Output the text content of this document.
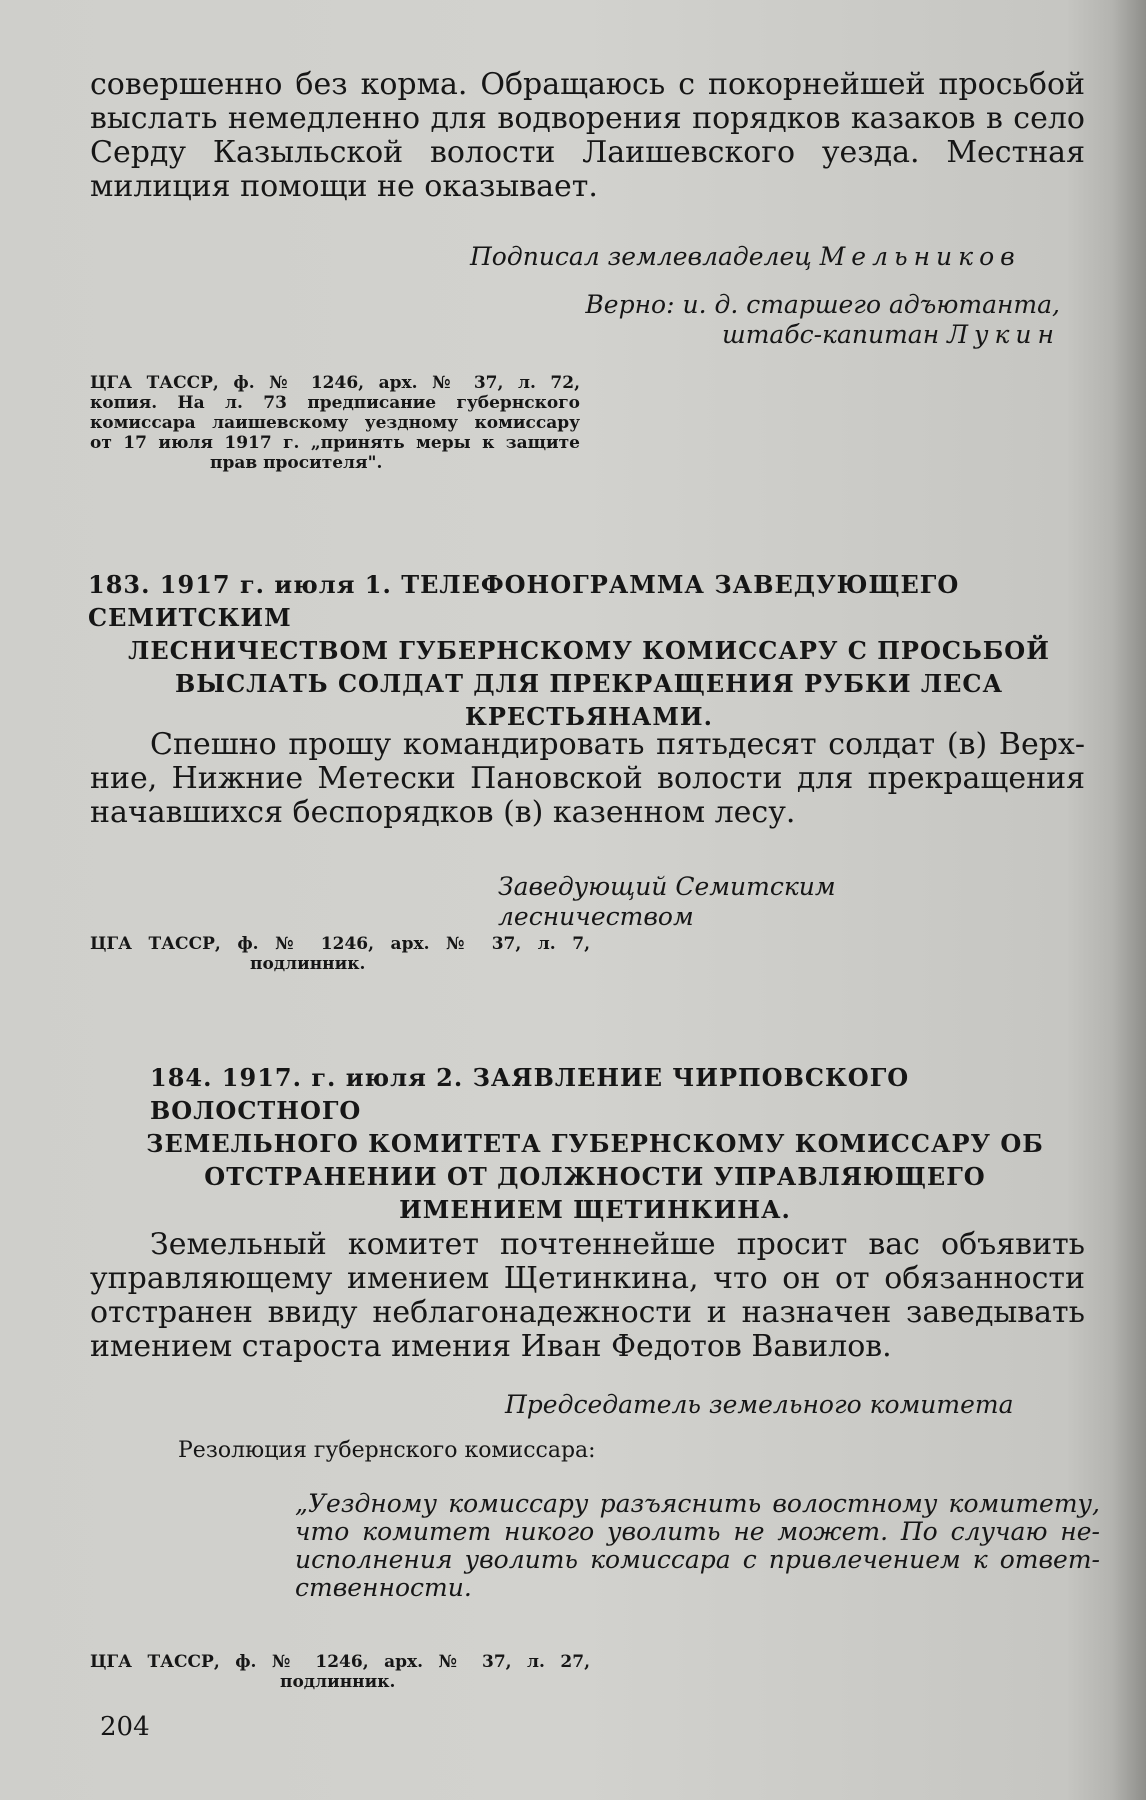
совершенно без корма. Обращаюсь с покорнейшей просьбой
выслать немедленно для водворения порядков казаков в село
Серду Казыльской волости Лаишевского уезда. Местная
милиция помощи не оказывает.
Подписал землевладелец Мельников
Верно: и. д. старшего адъютанта,
штабс-капитан Лукин
ЦГА ТАССР, ф. № 1246, арх. № 37, л. 72,
копия. На л. 73 предписание губернского
комиссара лаишевскому уездному комиссару
от 17 июля 1917 г. „принять меры к защите
прав просителя".
183. 1917 г. июля 1. ТЕЛЕФОНОГРАММА ЗАВЕДУЮЩЕГО СЕМИТСКИМ
ЛЕСНИЧЕСТВОМ ГУБЕРНСКОМУ КОМИССАРУ С ПРОСЬБОЙ
ВЫСЛАТЬ СОЛДАТ ДЛЯ ПРЕКРАЩЕНИЯ РУБКИ ЛЕСА
КРЕСТЬЯНАМИ.
Спешно прошу командировать пятьдесят солдат (в) Верх-
ние, Нижние Метески Пановской волости для прекращения
начавшихся беспорядков (в) казенном лесу.
Заведующий Семитским лесничеством
ЦГА ТАССР, ф. № 1246, арх. № 37, л. 7,
подлинник.
184. 1917. г. июля 2. ЗАЯВЛЕНИЕ ЧИРПОВСКОГО ВОЛОСТНОГО
ЗЕМЕЛЬНОГО КОМИТЕТА ГУБЕРНСКОМУ КОМИССАРУ ОБ
ОТСТРАНЕНИИ ОТ ДОЛЖНОСТИ УПРАВЛЯЮЩЕГО
ИМЕНИЕМ ЩЕТИНКИНА.
Земельный комитет почтеннейше просит вас объявить
управляющему имением Щетинкина, что он от обязанности
отстранен ввиду неблагонадежности и назначен заведывать
имением староста имения Иван Федотов Вавилов.
Председатель земельного комитета
Резолюция губернского комиссара:
„Уездному комиссару разъяснить волостному комитету,
что комитет никого уволить не может. По случаю не-
исполнения уволить комиссара с привлечением к ответ-
ственности.
ЦГА ТАССР, ф. № 1246, арх. № 37, л. 27,
подлинник.
204
